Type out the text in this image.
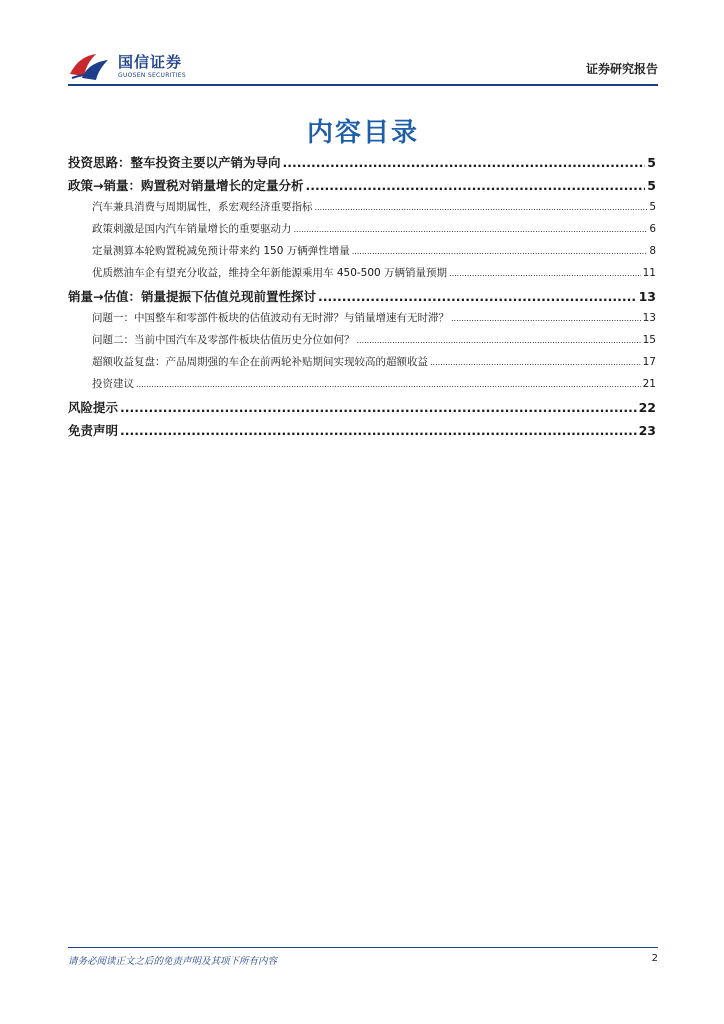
国信证券
GUOSEN SECURITIES	证券研究报告
内容目录
投资思路：整车投资主要以产销为导向 .....	5
政策→销量：购置税对销量增长的定量分析 .....	5
汽车兼具消费与周期属性，系宏观经济重要指标 .....	5
政策刺激是国内汽车销量增长的重要驱动力 .....	6
定量测算本轮购置税减免预计带来约 150 万辆弹性增量 .....	8
优质燃油车企有望充分收益，维持全年新能源乘用车 450-500 万辆销量预期 .....	11
销量→估值：销量提振下估值兑现前置性探讨 .....	13
问题一：中国整车和零部件板块的估值波动有无时滞？与销量增速有无时滞？ .....	13
问题二：当前中国汽车及零部件板块估值历史分位如何？ .....	15
超额收益复盘：产品周期强的车企在前两轮补贴期间实现较高的超额收益 .....	17
投资建议 .....	21
风险提示 .....	22
免责声明 .....	23
请务必阅读正文之后的免责声明及其项下所有内容	2
